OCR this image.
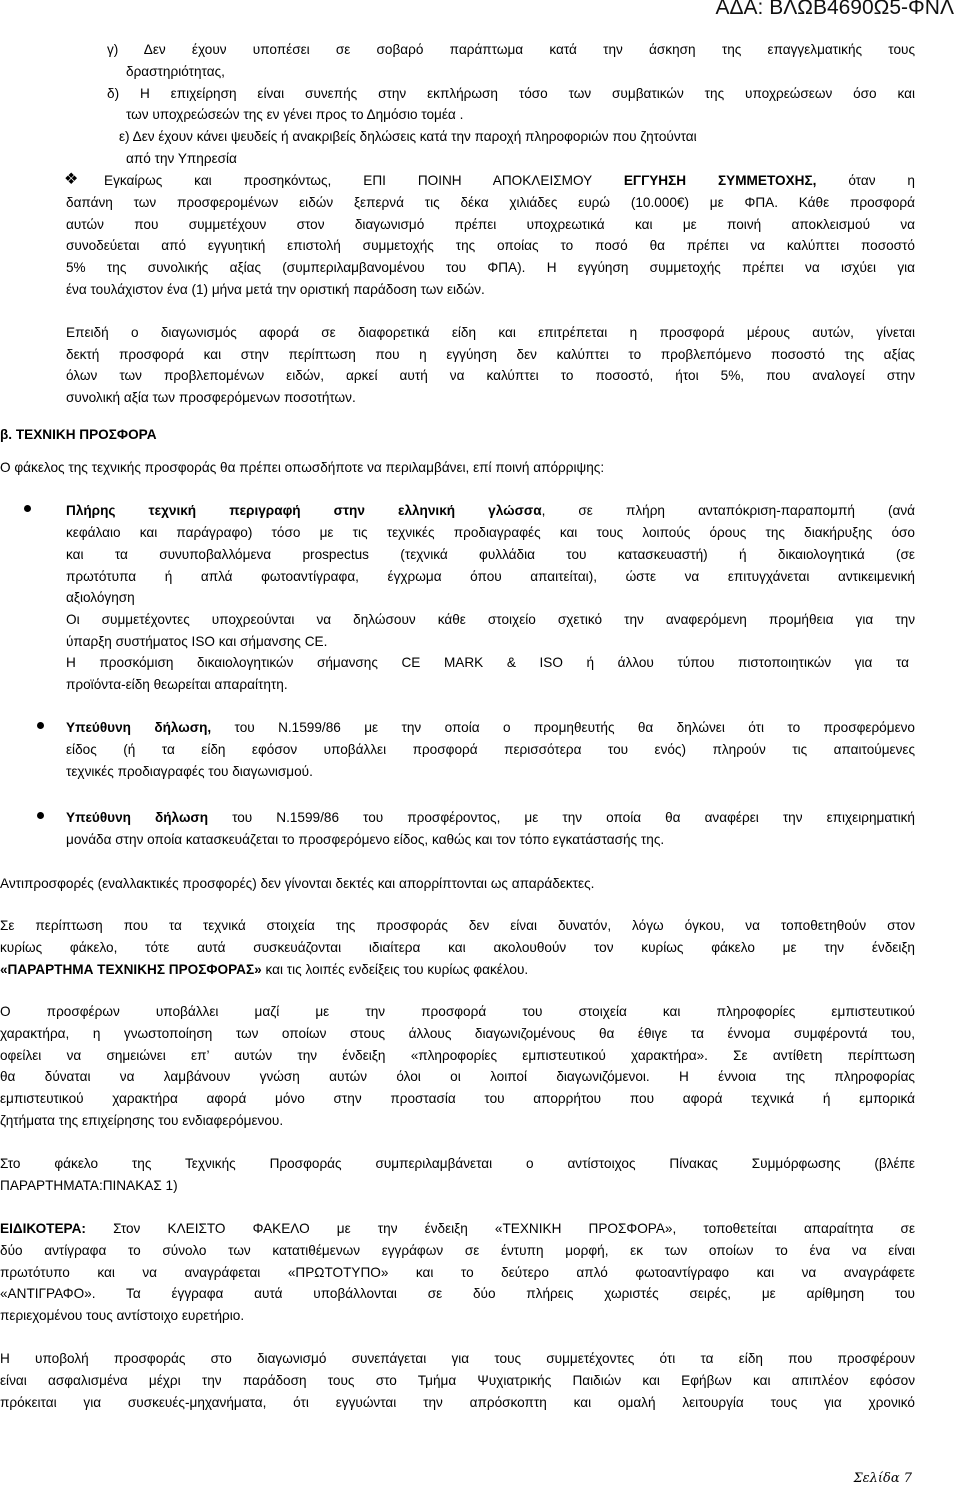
ΑΔΑ: ΒΛΩΒ4690Ω5-ΦΝΛ
γ) Δεν έχουν υποπέσει σε σοβαρό παράπτωμα κατά την άσκηση της επαγγελματικής τους
δραστηριότητας,
δ) Η επιχείρηση είναι συνεπής στην εκπλήρωση τόσο των συμβατικών της υποχρεώσεων όσο και
των υποχρεώσεών της εν γένει προς το Δημόσιο τομέα .
ε) Δεν έχουν κάνει ψευδείς ή ανακριβείς δηλώσεις κατά την παροχή πληροφοριών που ζητούνται
από την Υπηρεσία
❖ Εγκαίρως και προσηκόντως, ΕΠΙ ΠΟΙΝΗ ΑΠΟΚΛΕΙΣΜΟΥ ΕΓΓΥΗΣΗ ΣΥΜΜΕΤΟΧΗΣ, όταν η
δαπάνη των προσφερομένων ειδών ξεπερνά τις δέκα χιλιάδες ευρώ (10.000€) με ΦΠΑ. Κάθε προσφορά
αυτών που συμμετέχουν στον διαγωνισμό πρέπει υποχρεωτικά και με ποινή αποκλεισμού να
συνοδεύεται από εγγυητική επιστολή συμμετοχής της οποίας το ποσό θα πρέπει να καλύπτει ποσοστό
5% της συνολικής αξίας (συμπεριλαμβανομένου του ΦΠΑ). Η εγγύηση συμμετοχής πρέπει να ισχύει για
ένα τουλάχιστον ένα (1) μήνα μετά την οριστική παράδοση των ειδών.
Επειδή ο διαγωνισμός αφορά σε διαφορετικά είδη και επιτρέπεται η προσφορά μέρους αυτών, γίνεται
δεκτή προσφορά και στην περίπτωση που η εγγύηση δεν καλύπτει το προβλεπόμενο ποσοστό της αξίας
όλων των προβλεπομένων ειδών, αρκεί αυτή να καλύπτει το ποσοστό, ήτοι 5%, που αναλογεί στην
συνολική αξία των προσφερόμενων ποσοτήτων.
β. ΤΕΧΝΙΚΗ ΠΡΟΣΦΟΡΑ
Ο φάκελος της τεχνικής προσφοράς θα πρέπει οπωσδήποτε να περιλαμβάνει, επί ποινή απόρριψης:
Πλήρης τεχνική περιγραφή στην ελληνική γλώσσα, σε πλήρη ανταπόκριση-παραπομπή (ανά
κεφάλαιο και παράγραφο) τόσο με τις τεχνικές προδιαγραφές και τους λοιπούς όρους της διακήρυξης όσο
και τα συνυποβαλλόμενα prospectus (τεχνικά φυλλάδια του κατασκευαστή) ή δικαιολογητικά (σε
πρωτότυπα ή απλά φωτοαντίγραφα, έγχρωμα όπου απαιτείται), ώστε να επιτυγχάνεται αντικειμενική
αξιολόγηση
Οι συμμετέχοντες υποχρεούνται να δηλώσουν κάθε στοιχείο σχετικό την αναφερόμενη προμήθεια για την
ύπαρξη συστήματος ISO και σήμανσης CE.
Η προσκόμιση δικαιολογητικών σήμανσης CE MARK & ISO ή άλλου τύπου πιστοποιητικών για τα
προϊόντα-είδη θεωρείται απαραίτητη.
Υπεύθυνη δήλωση, του Ν.1599/86 με την οποία ο προμηθευτής θα δηλώνει ότι το προσφερόμενο
είδος (ή τα είδη εφόσον υποβάλλει προσφορά περισσότερα του ενός) πληρούν τις απαιτούμενες
τεχνικές προδιαγραφές του διαγωνισμού.
Υπεύθυνη δήλωση του Ν.1599/86 του προσφέροντος, με την οποία θα αναφέρει την επιχειρηματική
μονάδα στην οποία κατασκευάζεται το προσφερόμενο είδος, καθώς και τον τόπο εγκατάστασής της.
Αντιπροσφορές (εναλλακτικές προσφορές) δεν γίνονται δεκτές και απορρίπτονται ως απαράδεκτες.
Σε περίπτωση που τα τεχνικά στοιχεία της προσφοράς δεν είναι δυνατόν, λόγω όγκου, να τοποθετηθούν στον
κυρίως φάκελο, τότε αυτά συσκευάζονται ιδιαίτερα και ακολουθούν τον κυρίως φάκελο με την ένδειξη
«ΠΑΡΑΡΤΗΜΑ ΤΕΧΝΙΚΗΣ ΠΡΟΣΦΟΡΑΣ» και τις λοιπές ενδείξεις του κυρίως φακέλου.
Ο προσφέρων υποβάλλει μαζί με την προσφορά του στοιχεία και πληροφορίες εμπιστευτικού
χαρακτήρα, η γνωστοποίηση των οποίων στους άλλους διαγωνιζομένους θα έθιγε τα έννομα συμφέροντά του,
οφείλει να σημειώνει επ’ αυτών την ένδειξη «πληροφορίες εμπιστευτικού χαρακτήρα». Σε αντίθετη περίπτωση
θα δύναται να λαμβάνουν γνώση αυτών όλοι οι λοιποί διαγωνιζόμενοι. Η έννοια της πληροφορίας
εμπιστευτικού χαρακτήρα αφορά μόνο στην προστασία του απορρήτου που αφορά τεχνικά ή εμπορικά
ζητήματα της επιχείρησης του ενδιαφερόμενου.
Στο φάκελο της Τεχνικής Προσφοράς συμπεριλαμβάνεται ο αντίστοιχος Πίνακας Συμμόρφωσης (βλέπε
ΠΑΡΑΡΤΗΜΑΤΑ:ΠΙΝΑΚΑΣ 1)
ΕΙΔΙΚΟΤΕΡΑ: Στον ΚΛΕΙΣΤΟ ΦΑΚΕΛΟ με την ένδειξη «ΤΕΧΝΙΚΗ ΠΡΟΣΦΟΡΑ», τοποθετείται απαραίτητα σε
δύο αντίγραφα το σύνολο των κατατιθέμενων εγγράφων σε έντυπη μορφή, εκ των οποίων το ένα να είναι
πρωτότυπο και να αναγράφεται «ΠΡΩΤΟΤΥΠΟ» και το δεύτερο απλό φωτοαντίγραφο και να αναγράφετε
«ΑΝΤΙΓΡΑΦΟ». Τα έγγραφα αυτά υποβάλλονται σε δύο πλήρεις χωριστές σειρές, με αρίθμηση του
περιεχομένου τους αντίστοιχο ευρετήριο.
Η υποβολή προσφοράς στο διαγωνισμό συνεπάγεται για τους συμμετέχοντες ότι τα είδη που προσφέρουν
είναι ασφαλισμένα μέχρι την παράδοση τους στο Τμήμα Ψυχιατρικής Παιδιών και Εφήβων και απιπλέον εφόσον
πρόκειται για συσκευές-μηχανήματα, ότι εγγυώνται την απρόσκοπτη και ομαλή λειτουργία τους για χρονικό
Σελίδα 7
